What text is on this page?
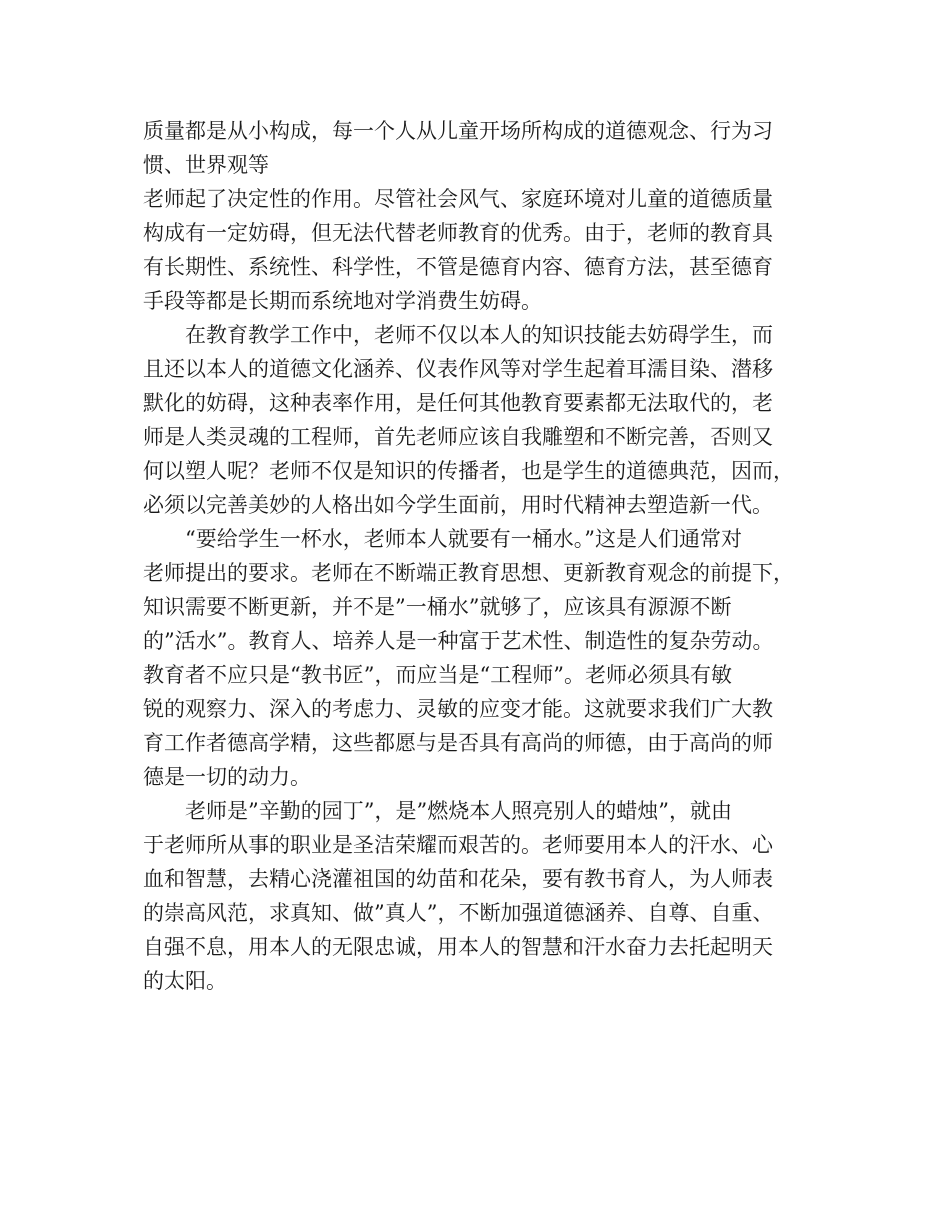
质量都是从小构成，每一个人从儿童开场所构成的道德观念、行为习
惯、世界观等
老师起了决定性的作用。尽管社会风气、家庭环境对儿童的道德质量
构成有一定妨碍，但无法代替老师教育的优秀。由于，老师的教育具
有长期性、系统性、科学性，不管是德育内容、德育方法，甚至德育
手段等都是长期而系统地对学消费生妨碍。
在教育教学工作中，老师不仅以本人的知识技能去妨碍学生，而
且还以本人的道德文化涵养、仪表作风等对学生起着耳濡目染、潜移
默化的妨碍，这种表率作用，是任何其他教育要素都无法取代的，老
师是人类灵魂的工程师，首先老师应该自我雕塑和不断完善，否则又
何以塑人呢？老师不仅是知识的传播者，也是学生的道德典范，因而，
必须以完善美妙的人格出如今学生面前，用时代精神去塑造新一代。
“要给学生一杯水，老师本人就要有一桶水。”这是人们通常对
老师提出的要求。老师在不断端正教育思想、更新教育观念的前提下，
知识需要不断更新，并不是”一桶水”就够了，应该具有源源不断
的”活水”。教育人、培养人是一种富于艺术性、制造性的复杂劳动。
教育者不应只是“教书匠”，而应当是“工程师”。老师必须具有敏
锐的观察力、深入的考虑力、灵敏的应变才能。这就要求我们广大教
育工作者德高学精，这些都愿与是否具有高尚的师德，由于高尚的师
德是一切的动力。
老师是”辛勤的园丁”，是”燃烧本人照亮别人的蜡烛”，就由
于老师所从事的职业是圣洁荣耀而艰苦的。老师要用本人的汗水、心
血和智慧，去精心浇灌祖国的幼苗和花朵，要有教书育人，为人师表
的崇高风范，求真知、做”真人”，不断加强道德涵养、自尊、自重、
自强不息，用本人的无限忠诚，用本人的智慧和汗水奋力去托起明天
的太阳。
